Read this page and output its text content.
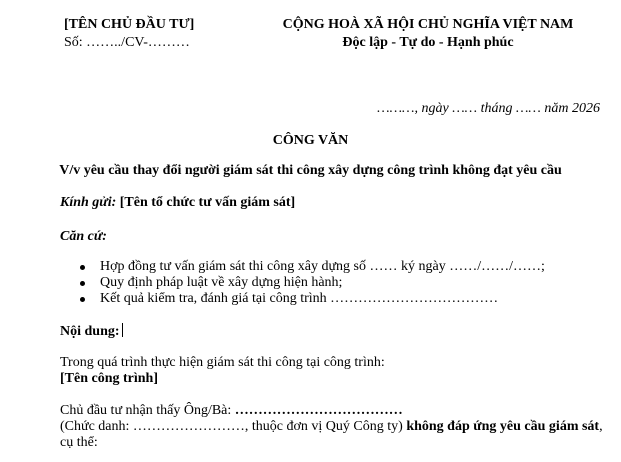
[TÊN CHỦ ĐẦU TƯ]
Số: ……../CV-………
CỘNG HOÀ XÃ HỘI CHỦ NGHĨA VIỆT NAM
Độc lập - Tự do - Hạnh phúc
………, ngày …… tháng …… năm 2026
CÔNG VĂN
V/v yêu cầu thay đổi người giám sát thi công xây dựng công trình không đạt yêu cầu
Kính gửi: [Tên tổ chức tư vấn giám sát]
Căn cứ:
Hợp đồng tư vấn giám sát thi công xây dựng số …… ký ngày ……/……/……;
Quy định pháp luật về xây dựng hiện hành;
Kết quả kiểm tra, đánh giá tại công trình ………………………………
Nội dung:
Trong quá trình thực hiện giám sát thi công tại công trình:
[Tên công trình]
Chủ đầu tư nhận thấy Ông/Bà: ………………………………
(Chức danh: ……………………, thuộc đơn vị Quý Công ty) không đáp ứng yêu cầu giám sát,
cụ thể:
